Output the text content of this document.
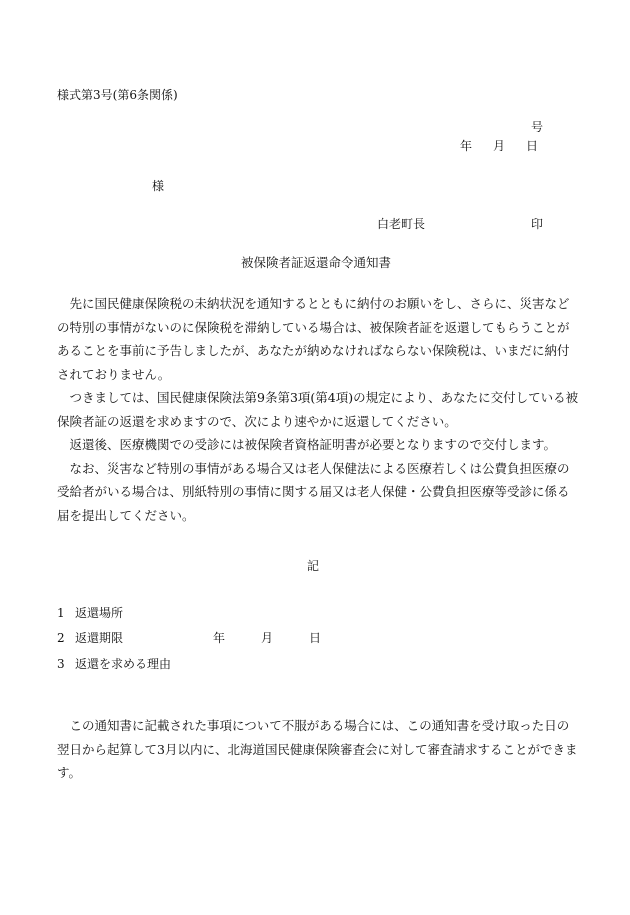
様式第3号(第6条関係)
号
年 月 日
様
白老町長	印
被保険者証返還命令通知書

先に国民健康保険税の未納状況を通知するとともに納付のお願いをし、さらに、災害などの特別の事情がないのに保険税を滞納している場合は、被保険者証を返還してもらうことがあることを事前に予告しましたが、あなたが納めなければならない保険税は、いまだに納付されておりません。

つきましては、国民健康保険法第9条第3項(第4項)の規定により、あなたに交付している被保険者証の返還を求めますので、次により速やかに返還してください。

返還後、医療機関での受診には被保険者資格証明書が必要となりますので交付します。

なお、災害など特別の事情がある場合又は老人保健法による医療若しくは公費負担医療の受給者がいる場合は、別紙特別の事情に関する届又は老人保健・公費負担医療等受診に係る届を提出してください。

記
1 返還場所
2 返還期限	年	月	日
3 返還を求める理由

この通知書に記載された事項について不服がある場合には、この通知書を受け取った日の翌日から起算して3月以内に、北海道国民健康保険審査会に対して審査請求することができます。
